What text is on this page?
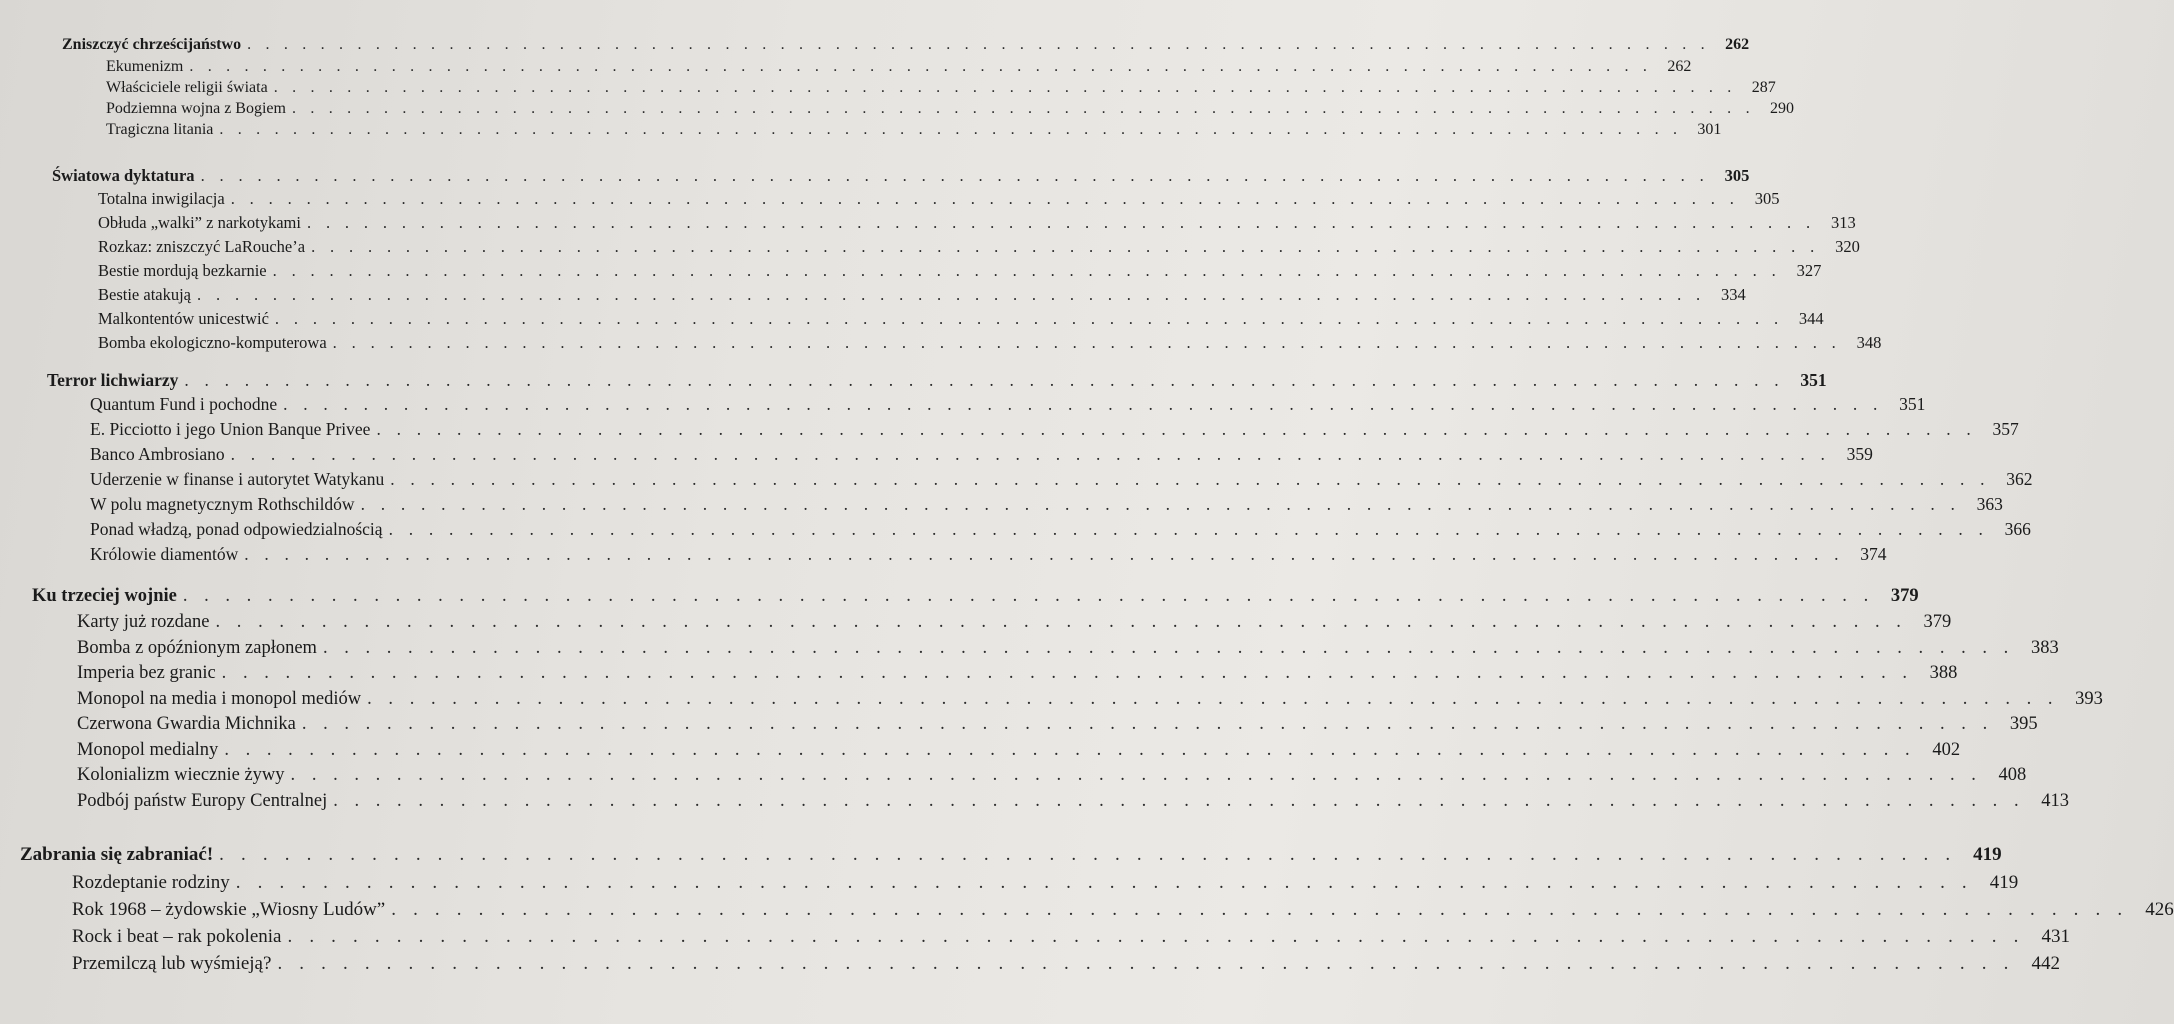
Zniszczyć chrześcijaństwo ................................................................................ 262
Ekumenizm ................................................................................ 262
Właściciele religii świata ................................................................................ 287
Podziemna wojna z Bogiem ................................................................................ 290
Tragiczna litania ................................................................................ 301
Światowa dyktatura ................................................................................ 305
Totalna inwigilacja ................................................................................ 305
Obłuda „walki” z narkotykami ................................................................................ 313
Rozkaz: zniszczyć LaRouche’a ................................................................................ 320
Bestie mordują bezkarnie ................................................................................ 327
Bestie atakują ................................................................................ 334
Malkontentów unicestwić ................................................................................ 344
Bomba ekologiczno-komputerowa ................................................................................ 348
Terror lichwiarzy ................................................................................ 351
Quantum Fund i pochodne ................................................................................ 351
E. Picciotto i jego Union Banque Privee ................................................................................ 357
Banco Ambrosiano ................................................................................ 359
Uderzenie w finanse i autorytet Watykanu ................................................................................ 362
W polu magnetycznym Rothschildów ................................................................................ 363
Ponad władzą, ponad odpowiedzialnością ................................................................................ 366
Królowie diamentów ................................................................................ 374
Ku trzeciej wojnie ................................................................................ 379
Karty już rozdane ................................................................................ 379
Bomba z opóźnionym zapłonem ................................................................................ 383
Imperia bez granic ................................................................................ 388
Monopol na media i monopol mediów ................................................................................ 393
Czerwona Gwardia Michnika ................................................................................ 395
Monopol medialny ................................................................................ 402
Kolonializm wiecznie żywy ................................................................................ 408
Podbój państw Europy Centralnej ................................................................................ 413
Zabrania się zabraniać! ................................................................................ 419
Rozdeptanie rodziny ................................................................................ 419
Rok 1968 – żydowskie „Wiosny Ludów” ................................................................................ 426
Rock i beat – rak pokolenia ................................................................................ 431
Przemilczą lub wyśmieją? ................................................................................ 442
